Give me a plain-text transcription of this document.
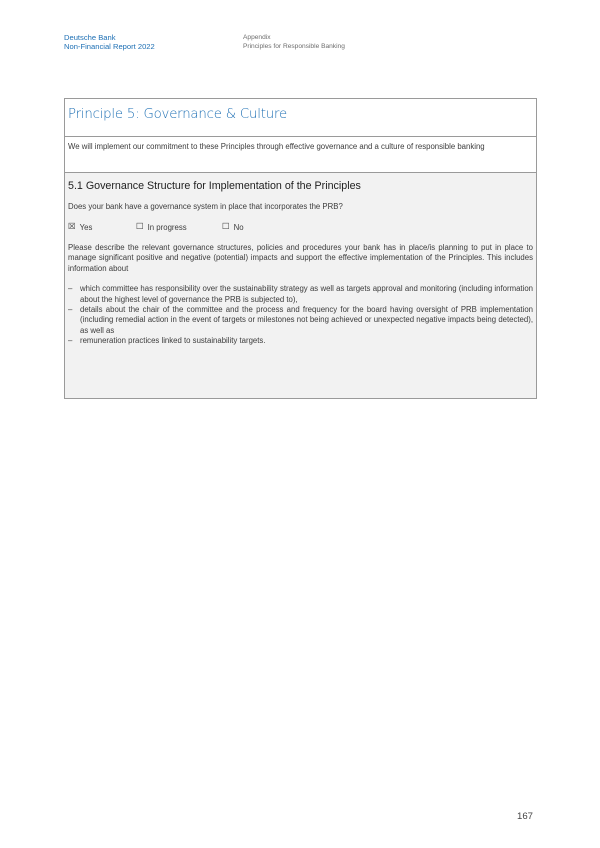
Deutsche Bank
Non-Financial Report 2022
Appendix
Principles for Responsible Banking
Principle 5: Governance & Culture
We will implement our commitment to these Principles through effective governance and a culture of responsible banking
5.1 Governance Structure for Implementation of the Principles
Does your bank have a governance system in place that incorporates the PRB?
☒ Yes	☐ In progress	☐ No
Please describe the relevant governance structures, policies and procedures your bank has in place/is planning to put in place to manage significant positive and negative (potential) impacts and support the effective implementation of the Principles. This includes information about
– which committee has responsibility over the sustainability strategy as well as targets approval and monitoring (including information about the highest level of governance the PRB is subjected to),
– details about the chair of the committee and the process and frequency for the board having oversight of PRB implementation (including remedial action in the event of targets or milestones not being achieved or unexpected negative impacts being detected), as well as
– remuneration practices linked to sustainability targets.
167
